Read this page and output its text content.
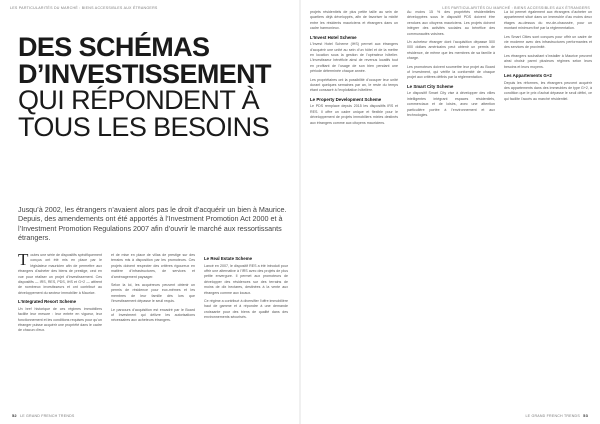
LES PARTICULARITÉS DU MARCHÉ : BIENS ACCESSIBLES AUX ÉTRANGERS
DES SCHÉMAS
D’INVESTISSEMENT
QUI RÉPONDENT À
TOUS LES BESOINS

Jusqu’à 2002, les étrangers n’avaient alors pas le droit d’acquérir un bien à Maurice. Depuis, des amendements ont été apportés à l’Investment Promotion Act 2000 et à l’Investment Promotion Regulations 2007 afin d’ouvrir le marché aux ressortissants étrangers.

Toutes une série de dispositifs spécifiquement conçus ont été mis en place par le législateur mauricien afin de permettre aux étrangers d’acheter des biens de prestige, ceci en vue pour réaliser un projet d’investissement. Ces dispositifs — IRS, RES, PDS, IHS et G+2 — attirent de nombreux investisseurs et ont contribué au développement du secteur immobilier à Maurice.

L’Integrated Resort Scheme

Un bref historique de ces régimes immobiliers facilite leur mesure : leur entrée en vigueur, leur fonctionnement et les conditions requises pour qu’un étranger puisse acquérir une propriété dans le cadre de chacun d’eux.

et de mise en place de villas de prestige sur des terrains mis à disposition par les promoteurs. Ces projets doivent respecter des critères rigoureux en matière d’infrastructures, de services et d’aménagement paysager.

Selon la loi, les acquéreurs peuvent obtenir un permis de résidence pour eux-mêmes et les membres de leur famille dès lors que l’investissement dépasse le seuil requis.

Le parcours d’acquisition est encadré par le Board of Investment qui délivre les autorisations nécessaires aux acheteurs étrangers.

Le Real Estate Scheme

Lancé en 2007, le dispositif RES a été introduit pour offrir une alternative à l’IRS avec des projets de plus petite envergure. Il permet aux promoteurs de développer des résidences sur des terrains de moins de dix hectares, destinées à la vente aux étrangers comme aux locaux.

Ce régime a contribué à diversifier l’offre immobilière haut de gamme et à répondre à une demande croissante pour des biens de qualité dans des environnements sécurisés.

52 LE GRAND FRENCH TRENDS
LES PARTICULARITÉS DU MARCHÉ : BIENS ACCESSIBLES AUX ÉTRANGERS

projets résidentiels de plus petite taille au sein de quartiers déjà développés, afin de favoriser la mixité entre les résidents mauriciens et étrangers dans un cadre harmonieux.

L’Invest Hotel Scheme

L’Invest Hotel Scheme (IHS) permet aux étrangers d’acquérir une unité au sein d’un hôtel et de la mettre en location sous la gestion de l’opérateur hôtelier. L’investisseur bénéficie ainsi de revenus locatifs tout en profitant de l’usage de son bien pendant une période déterminée chaque année.

Les propriétaires ont la possibilité d’occuper leur unité durant quelques semaines par an, le reste du temps étant consacré à l’exploitation hôtelière.

Le Property Development Scheme

Le PDS remplace depuis 2015 les dispositifs IRS et RES. Il offre un cadre unique et flexible pour le développement de projets immobiliers mixtes destinés aux étrangers comme aux citoyens mauriciens.

Au moins 15 % des propriétés résidentielles développées sous le dispositif PDS doivent être vendues aux citoyens mauriciens. Les projets doivent intégrer des activités sociales au bénéfice des communautés voisines.

Un acheteur étranger dont l’acquisition dépasse 500 000 dollars américains peut obtenir un permis de résidence, de même que les membres de sa famille à charge.

Les promoteurs doivent soumettre leur projet au Board of Investment, qui vérifie la conformité de chaque projet aux critères définis par la réglementation.

Le Smart City Scheme

Le dispositif Smart City vise à développer des villes intelligentes intégrant espaces résidentiels, commerciaux et de loisirs, avec une attention particulière portée à l’environnement et aux technologies.

La loi permet également aux étrangers d’acheter un appartement situé dans un immeuble d’au moins deux étages au-dessus du rez-de-chaussée, pour un montant minimum fixé par la réglementation.

Les Smart Cities sont conçues pour offrir un cadre de vie moderne avec des infrastructures performantes et des services de proximité.

Les étrangers souhaitant s’installer à Maurice peuvent ainsi choisir parmi plusieurs régimes selon leurs besoins et leurs moyens.

Les Appartements G+2

Depuis les réformes, les étrangers peuvent acquérir des appartements dans des immeubles de type G+2, à condition que le prix d’achat dépasse le seuil défini, ce qui facilite l’accès au marché résidentiel.

LE GRAND FRENCH TRENDS 53
